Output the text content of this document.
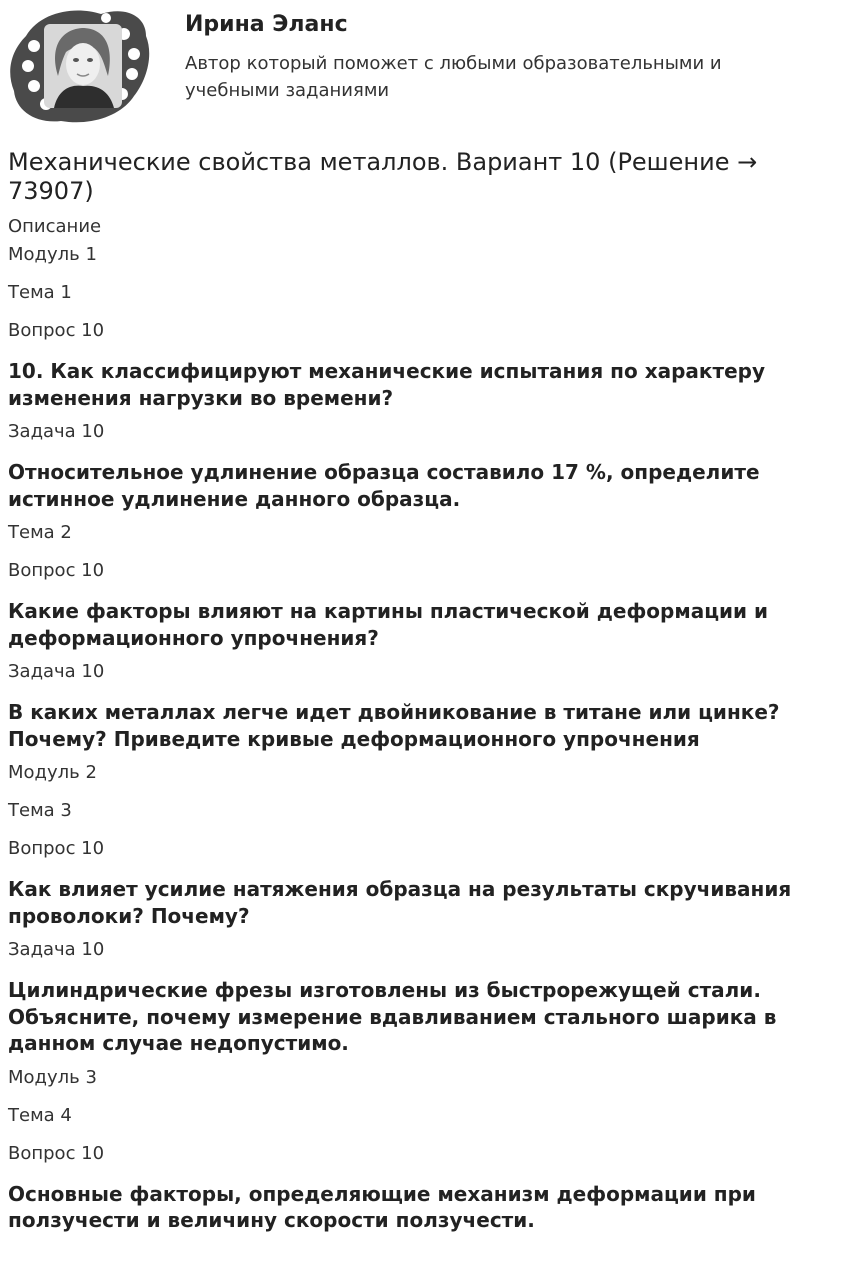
Ирина Эланс
Автор который поможет с любыми образовательными и учебными заданиями
Механические свойства металлов. Вариант 10 (Решение → 73907)
Описание
Модуль 1
Тема 1
Вопрос 10
10. Как классифицируют механические испытания по характеру изменения нагрузки во времени?
Задача 10
Относительное удлинение образца составило 17 %, определите истинное удлинение данного образца.
Тема 2
Вопрос 10
Какие факторы влияют на картины пластической деформации и деформационного упрочнения?
Задача 10
В каких металлах легче идет двойникование в титане или цинке? Почему? Приведите кривые деформационного упрочнения
Модуль 2
Тема 3
Вопрос 10
Как влияет усилие натяжения образца на результаты скручивания проволоки? Почему?
Задача 10
Цилиндрические фрезы изготовлены из быстрорежущей стали. Объясните, почему измерение вдавливанием стального шарика в данном случае недопустимо.
Модуль 3
Тема 4
Вопрос 10
Основные факторы, определяющие механизм деформации при ползучести и величину скорости ползучести.
